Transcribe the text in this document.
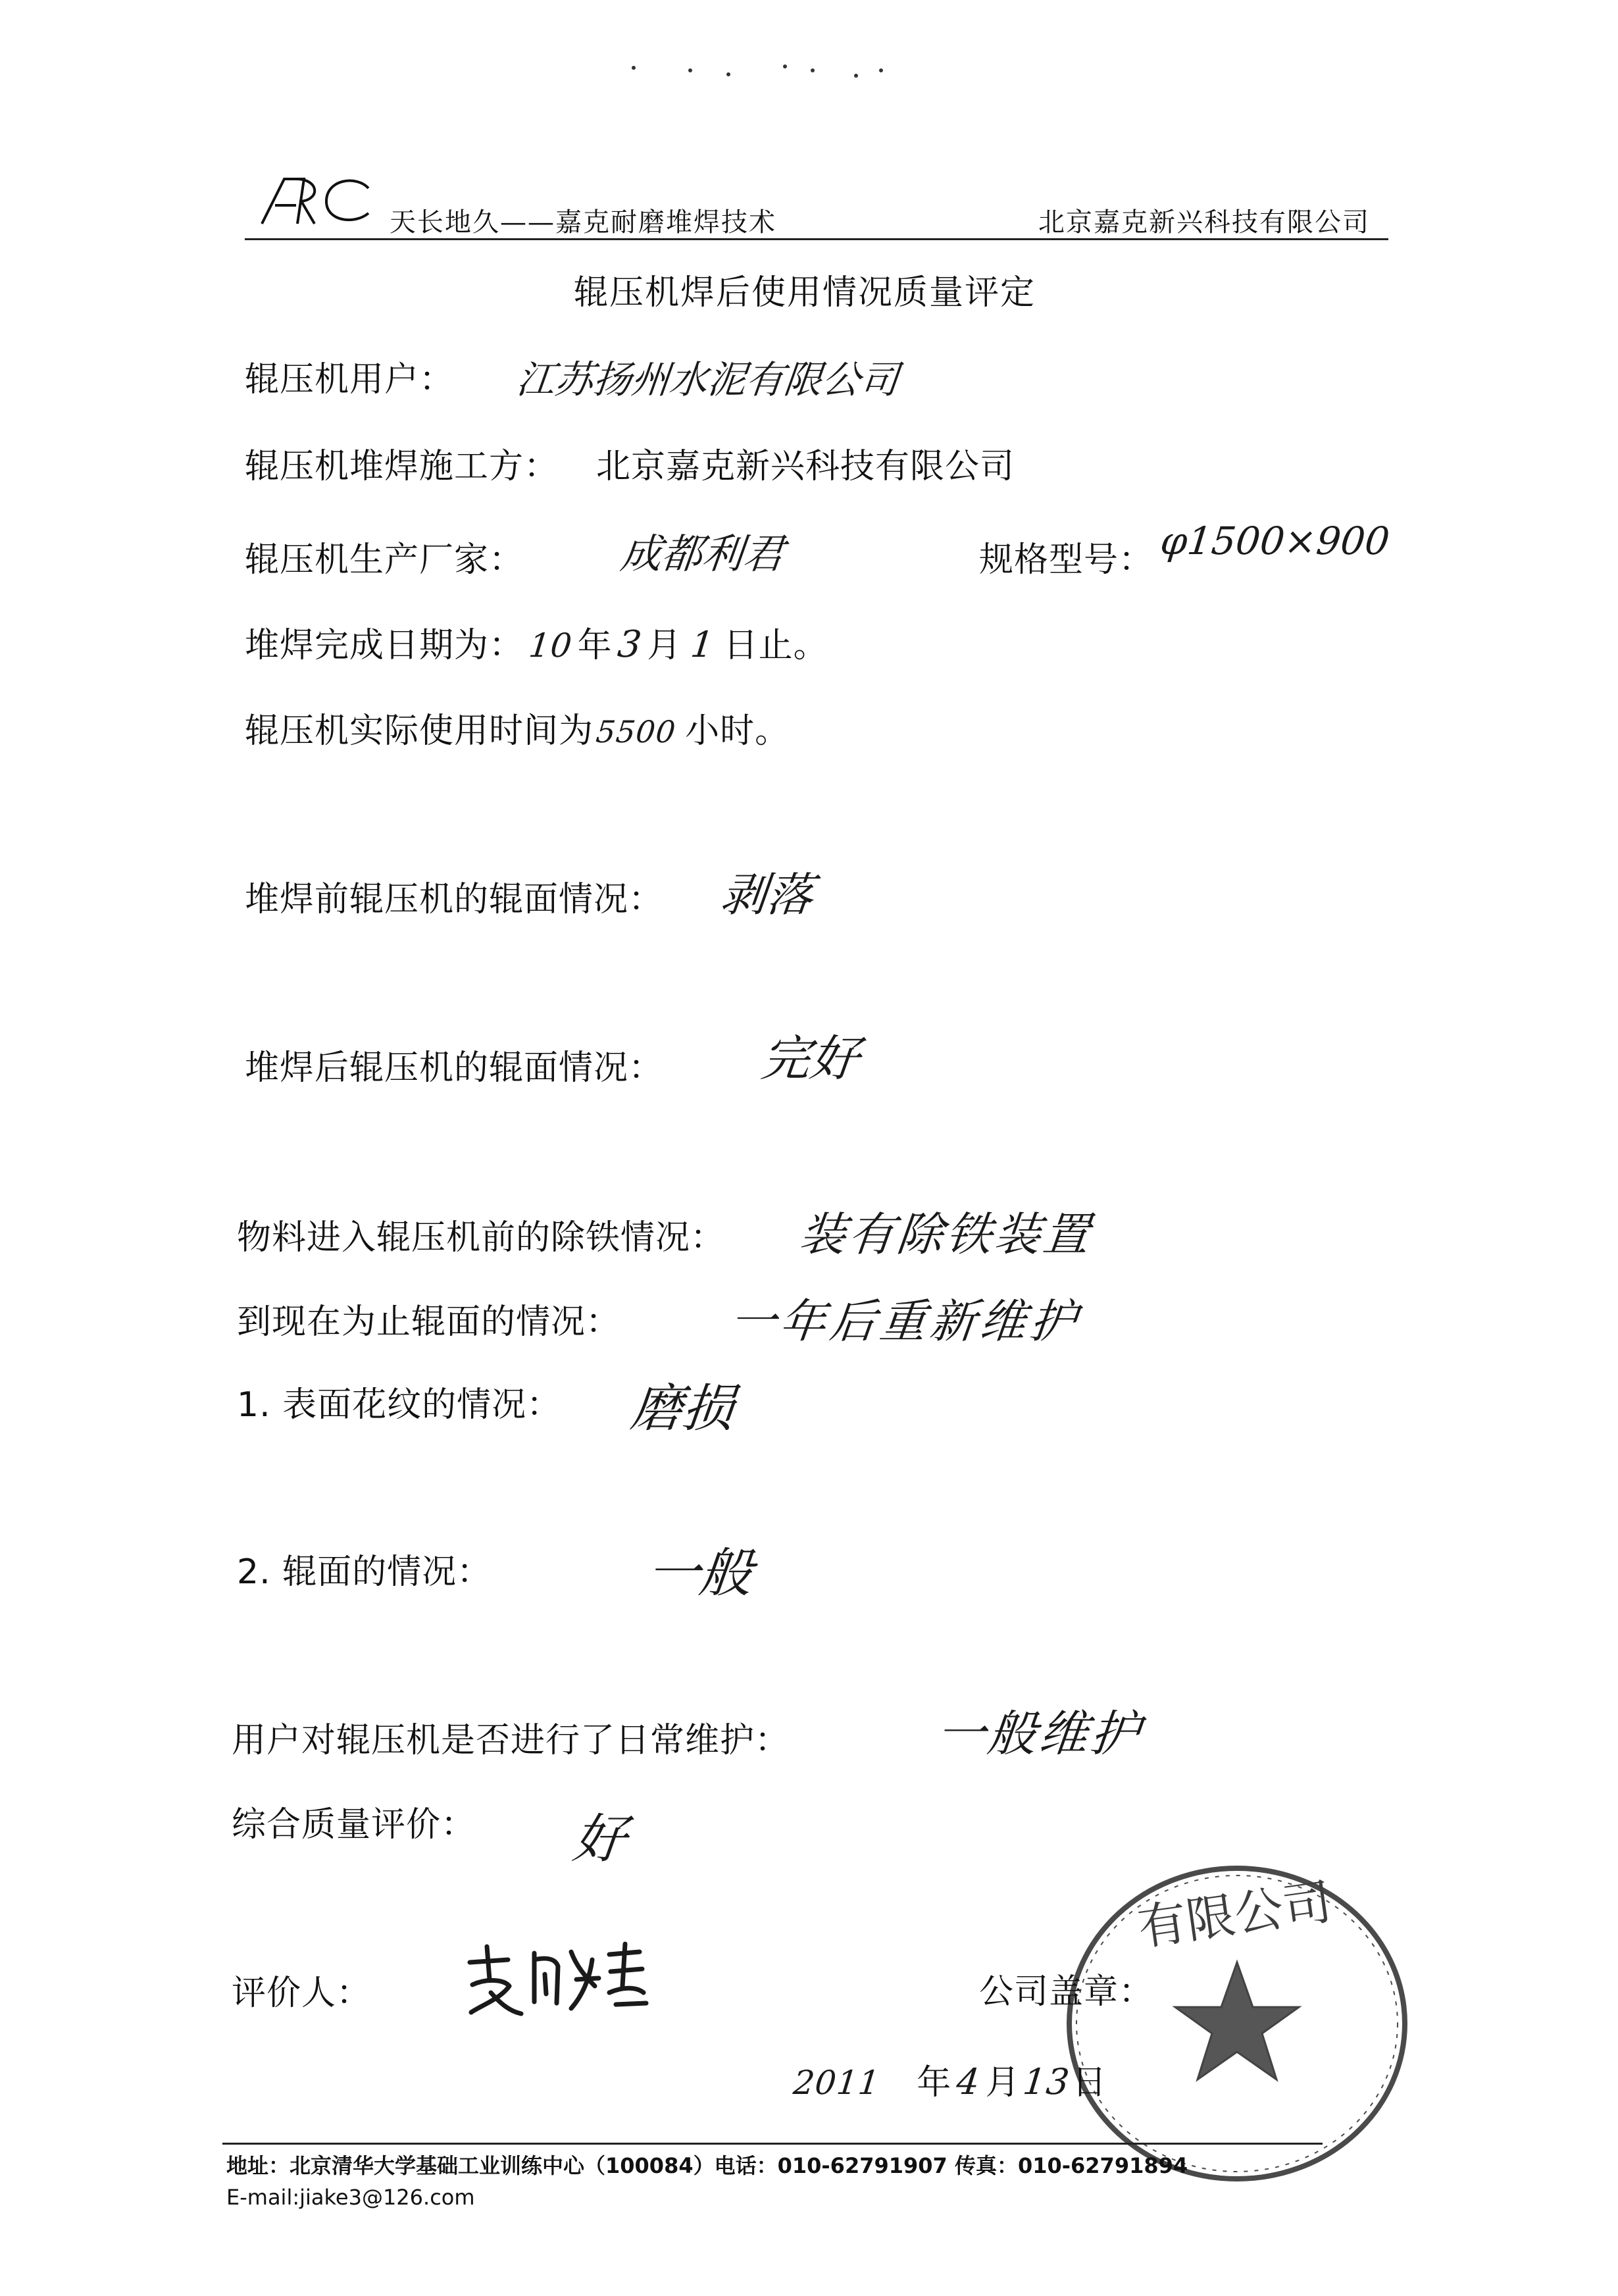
天长地久——嘉克耐磨堆焊技术	北京嘉克新兴科技有限公司
辊压机焊后使用情况质量评定
辊压机用户： 江苏扬州水泥有限公司
辊压机堆焊施工方： 北京嘉克新兴科技有限公司
辊压机生产厂家： 成都利君	规格型号： φ1500×900
堆焊完成日期为：10年3月 1 日止。
辊压机实际使用时间为5500 小时。
堆焊前辊压机的辊面情况： 剥落
堆焊后辊压机的辊面情况： 完好
物料进入辊压机前的除铁情况： 装有除铁装置
到现在为止辊面的情况： 一年后重新维护
1. 表面花纹的情况： 磨损
2. 辊面的情况：	一般
用户对辊压机是否进行了日常维护：	一般维护
综合质量评价： 好
评价人：
有限公司
公司盖章：
2011 年4月13日
地址：北京清华大学基础工业训练中心（100084）电话：010-62791907 传真：010-62791894
E-mail:jiake3@126.com
